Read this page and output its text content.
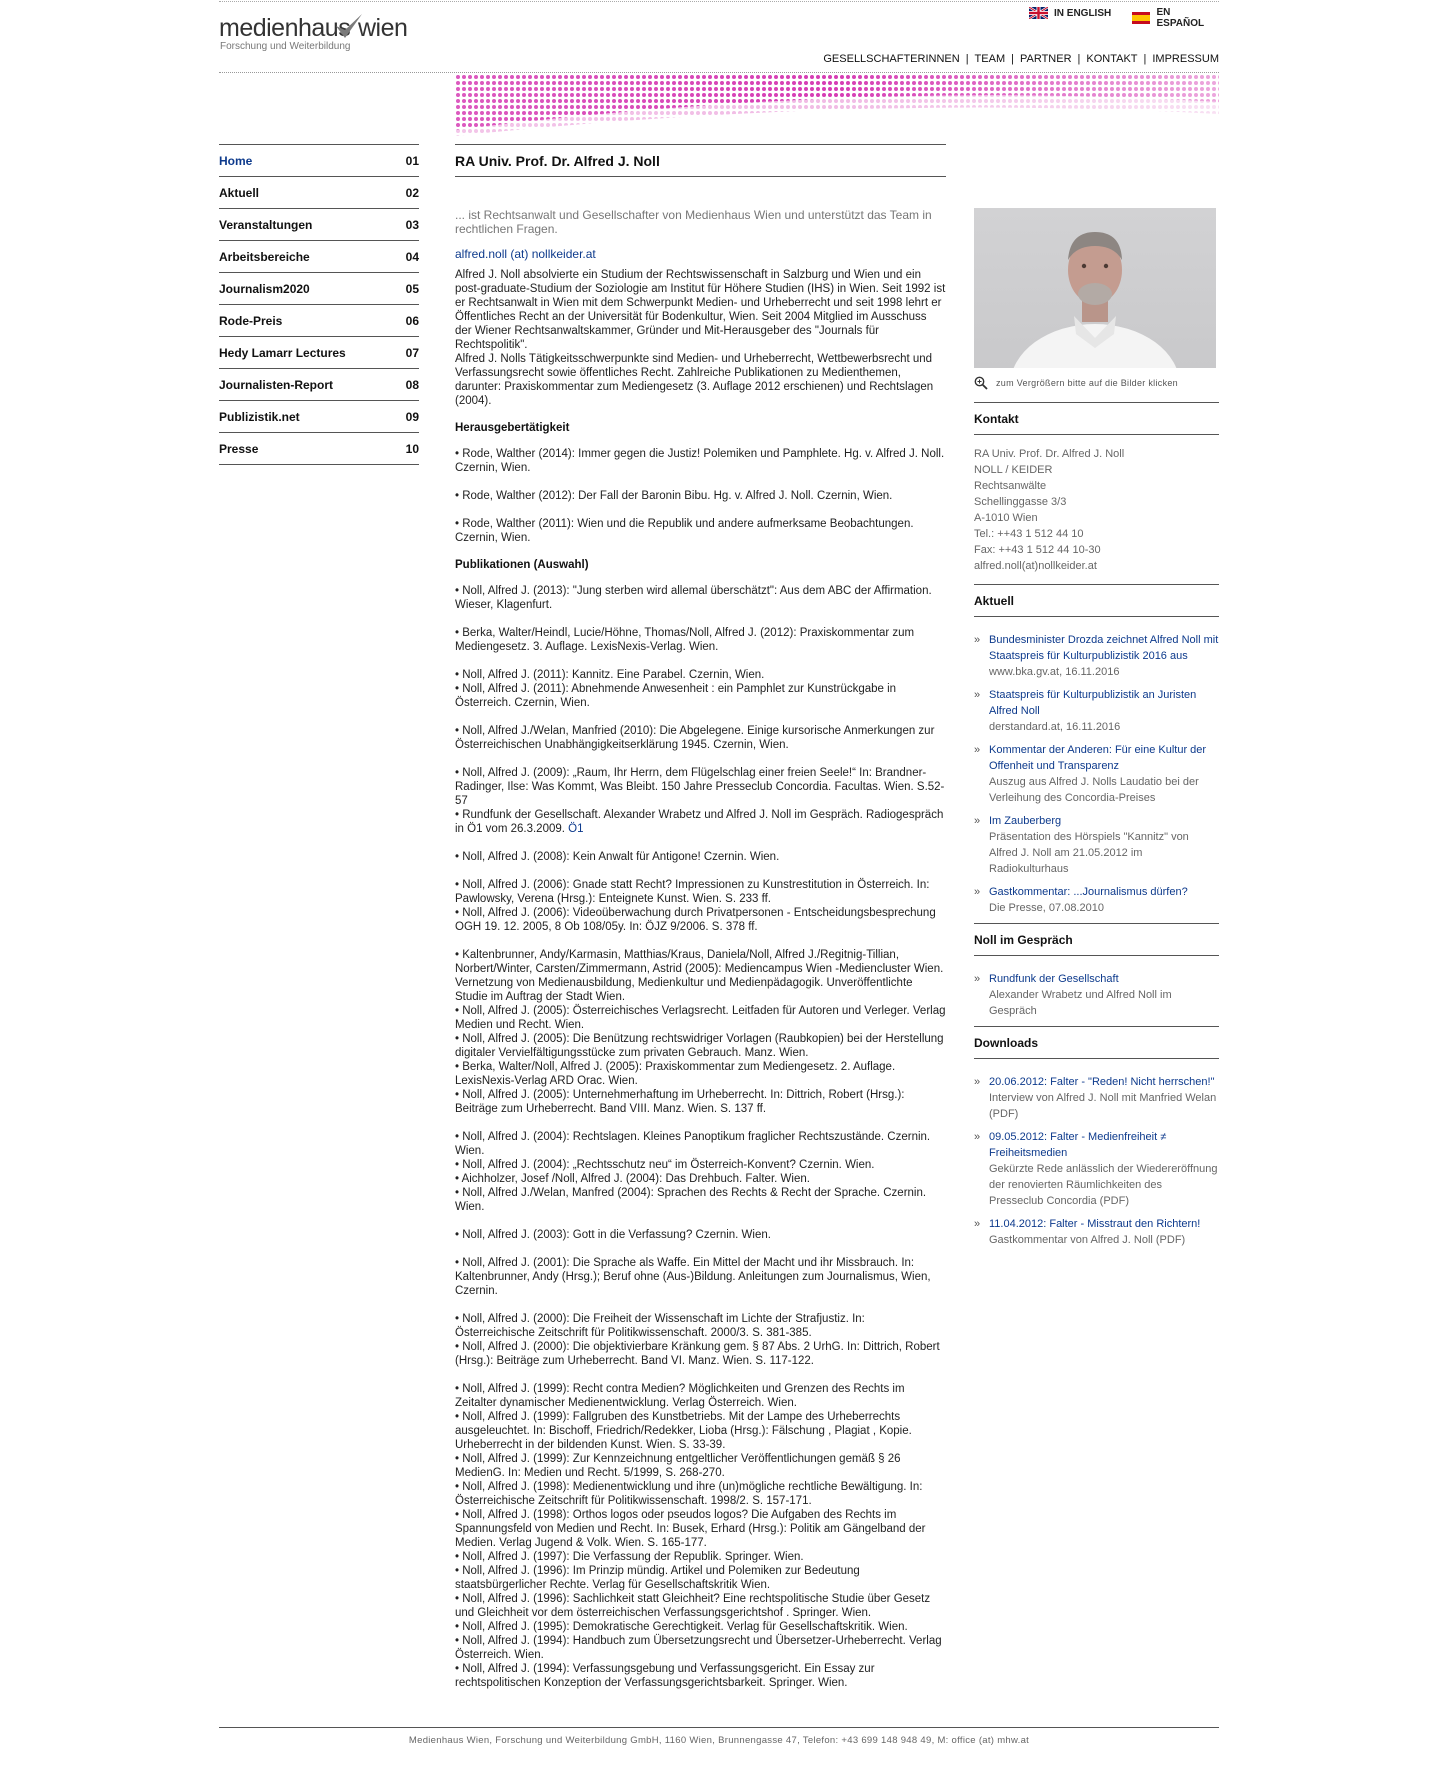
medienhaus wien
Forschung und Weiterbildung
IN ENGLISH	EN ESPAÑOL
GESELLSCHAFTERINNEN | TEAM | PARTNER | KONTAKT | IMPRESSUM
Home	01
Aktuell	02
Veranstaltungen	03
Arbeitsbereiche	04
Journalism2020	05
Rode-Preis	06
Hedy Lamarr Lectures	07
Journalisten-Report	08
Publizistik.net	09
Presse	10
RA Univ. Prof. Dr. Alfred J. Noll
... ist Rechtsanwalt und Gesellschafter von Medienhaus Wien und unterstützt das Team in rechtlichen Fragen.
alfred.noll (at) nollkeider.at
Alfred J. Noll absolvierte ein Studium der Rechtswissenschaft in Salzburg und Wien und ein post-graduate-Studium der Soziologie am Institut für Höhere Studien (IHS) in Wien. Seit 1992 ist er Rechtsanwalt in Wien mit dem Schwerpunkt Medien- und Urheberrecht und seit 1998 lehrt er Öffentliches Recht an der Universität für Bodenkultur, Wien. Seit 2004 Mitglied im Ausschuss der Wiener Rechtsanwaltskammer, Gründer und Mit-Herausgeber des "Journals für Rechtspolitik".
Alfred J. Nolls Tätigkeitsschwerpunkte sind Medien- und Urheberrecht, Wettbewerbsrecht und Verfassungsrecht sowie öffentliches Recht. Zahlreiche Publikationen zu Medienthemen, darunter: Praxiskommentar zum Mediengesetz (3. Auflage 2012 erschienen) und Rechtslagen (2004).
Herausgebertätigkeit
• Rode, Walther (2014): Immer gegen die Justiz! Polemiken und Pamphlete. Hg. v. Alfred J. Noll. Czernin, Wien.
• Rode, Walther (2012): Der Fall der Baronin Bibu. Hg. v. Alfred J. Noll. Czernin, Wien.
• Rode, Walther (2011): Wien und die Republik und andere aufmerksame Beobachtungen. Czernin, Wien.
Publikationen (Auswahl)
• Noll, Alfred J. (2013): "Jung sterben wird allemal überschätzt": Aus dem ABC der Affirmation. Wieser, Klagenfurt.
• Berka, Walter/Heindl, Lucie/Höhne, Thomas/Noll, Alfred J. (2012): Praxiskommentar zum Mediengesetz. 3. Auflage. LexisNexis-Verlag. Wien.
• Noll, Alfred J. (2011): Kannitz. Eine Parabel. Czernin, Wien.
• Noll, Alfred J. (2011): Abnehmende Anwesenheit : ein Pamphlet zur Kunstrückgabe in Österreich. Czernin, Wien.
• Noll, Alfred J./Welan, Manfried (2010): Die Abgelegene. Einige kursorische Anmerkungen zur Österreichischen Unabhängigkeitserklärung 1945. Czernin, Wien.
• Noll, Alfred J. (2009): „Raum, Ihr Herrn, dem Flügelschlag einer freien Seele!“ In: Brandner-Radinger, Ilse: Was Kommt, Was Bleibt. 150 Jahre Presseclub Concordia. Facultas. Wien. S.52-57
• Rundfunk der Gesellschaft. Alexander Wrabetz und Alfred J. Noll im Gespräch. Radiogespräch in Ö1 vom 26.3.2009. Ö1
• Noll, Alfred J. (2008): Kein Anwalt für Antigone! Czernin. Wien.
• Noll, Alfred J. (2006): Gnade statt Recht? Impressionen zu Kunstrestitution in Österreich. In: Pawlowsky, Verena (Hrsg.): Enteignete Kunst. Wien. S. 233 ff.
• Noll, Alfred J. (2006): Videoüberwachung durch Privatpersonen - Entscheidungsbesprechung OGH 19. 12. 2005, 8 Ob 108/05y. In: ÖJZ 9/2006. S. 378 ff.
• Kaltenbrunner, Andy/Karmasin, Matthias/Kraus, Daniela/Noll, Alfred J./Regitnig-Tillian, Norbert/Winter, Carsten/Zimmermann, Astrid (2005): Mediencampus Wien -Mediencluster Wien. Vernetzung von Medienausbildung, Medienkultur und Medienpädagogik. Unveröffentlichte Studie im Auftrag der Stadt Wien.
• Noll, Alfred J. (2005): Österreichisches Verlagsrecht. Leitfaden für Autoren und Verleger. Verlag Medien und Recht. Wien.
• Noll, Alfred J. (2005): Die Benützung rechtswidriger Vorlagen (Raubkopien) bei der Herstellung digitaler Vervielfältigungsstücke zum privaten Gebrauch. Manz. Wien.
• Berka, Walter/Noll, Alfred J. (2005): Praxiskommentar zum Mediengesetz. 2. Auflage. LexisNexis-Verlag ARD Orac. Wien.
• Noll, Alfred J. (2005): Unternehmerhaftung im Urheberrecht. In: Dittrich, Robert (Hrsg.): Beiträge zum Urheberrecht. Band VIII. Manz. Wien. S. 137 ff.
• Noll, Alfred J. (2004): Rechtslagen. Kleines Panoptikum fraglicher Rechtszustände. Czernin. Wien.
• Noll, Alfred J. (2004): „Rechtsschutz neu“ im Österreich-Konvent? Czernin. Wien.
• Aichholzer, Josef /Noll, Alfred J. (2004): Das Drehbuch. Falter. Wien.
• Noll, Alfred J./Welan, Manfred (2004): Sprachen des Rechts & Recht der Sprache. Czernin. Wien.
• Noll, Alfred J. (2003): Gott in die Verfassung? Czernin. Wien.
• Noll, Alfred J. (2001): Die Sprache als Waffe. Ein Mittel der Macht und ihr Missbrauch. In: Kaltenbrunner, Andy (Hrsg.); Beruf ohne (Aus-)Bildung. Anleitungen zum Journalismus, Wien, Czernin.
• Noll, Alfred J. (2000): Die Freiheit der Wissenschaft im Lichte der Strafjustiz. In: Österreichische Zeitschrift für Politikwissenschaft. 2000/3. S. 381-385.
• Noll, Alfred J. (2000): Die objektivierbare Kränkung gem. § 87 Abs. 2 UrhG. In: Dittrich, Robert (Hrsg.): Beiträge zum Urheberrecht. Band VI. Manz. Wien. S. 117-122.
• Noll, Alfred J. (1999): Recht contra Medien? Möglichkeiten und Grenzen des Rechts im Zeitalter dynamischer Medienentwicklung. Verlag Österreich. Wien.
• Noll, Alfred J. (1999): Fallgruben des Kunstbetriebs. Mit der Lampe des Urheberrechts ausgeleuchtet. In: Bischoff, Friedrich/Redekker, Lioba (Hrsg.): Fälschung , Plagiat , Kopie. Urheberrecht in der bildenden Kunst. Wien. S. 33-39.
• Noll, Alfred J. (1999): Zur Kennzeichnung entgeltlicher Veröffentlichungen gemäß § 26 MedienG. In: Medien und Recht. 5/1999, S. 268-270.
• Noll, Alfred J. (1998): Medienentwicklung und ihre (un)mögliche rechtliche Bewältigung. In: Österreichische Zeitschrift für Politikwissenschaft. 1998/2. S. 157-171.
• Noll, Alfred J. (1998): Orthos logos oder pseudos logos? Die Aufgaben des Rechts im Spannungsfeld von Medien und Recht. In: Busek, Erhard (Hrsg.): Politik am Gängelband der Medien. Verlag Jugend & Volk. Wien. S. 165-177.
• Noll, Alfred J. (1997): Die Verfassung der Republik. Springer. Wien.
• Noll, Alfred J. (1996): Im Prinzip mündig. Artikel und Polemiken zur Bedeutung staatsbürgerlicher Rechte. Verlag für Gesellschaftskritik Wien.
• Noll, Alfred J. (1996): Sachlichkeit statt Gleichheit? Eine rechtspolitische Studie über Gesetz und Gleichheit vor dem österreichischen Verfassungsgerichtshof . Springer. Wien.
• Noll, Alfred J. (1995): Demokratische Gerechtigkeit. Verlag für Gesellschaftskritik. Wien.
• Noll, Alfred J. (1994): Handbuch zum Übersetzungsrecht und Übersetzer-Urheberrecht. Verlag Österreich. Wien.
• Noll, Alfred J. (1994): Verfassungsgebung und Verfassungsgericht. Ein Essay zur rechtspolitischen Konzeption der Verfassungsgerichtsbarkeit. Springer. Wien.
zum Vergrößern bitte auf die Bilder klicken
Kontakt
RA Univ. Prof. Dr. Alfred J. Noll
NOLL / KEIDER
Rechtsanwälte
Schellinggasse 3/3
A-1010 Wien
Tel.: ++43 1 512 44 10
Fax: ++43 1 512 44 10-30
alfred.noll(at)nollkeider.at
Aktuell
» Bundesminister Drozda zeichnet Alfred Noll mit Staatspreis für Kulturpublizistik 2016 aus
www.bka.gv.at, 16.11.2016
» Staatspreis für Kulturpublizistik an Juristen Alfred Noll
derstandard.at, 16.11.2016
» Kommentar der Anderen: Für eine Kultur der Offenheit und Transparenz
Auszug aus Alfred J. Nolls Laudatio bei der Verleihung des Concordia-Preises
» Im Zauberberg
Präsentation des Hörspiels "Kannitz" von Alfred J. Noll am 21.05.2012 im Radiokulturhaus
» Gastkommentar: ...Journalismus dürfen?
Die Presse, 07.08.2010
Noll im Gespräch
» Rundfunk der Gesellschaft
Alexander Wrabetz und Alfred Noll im Gespräch
Downloads
» 20.06.2012: Falter - "Reden! Nicht herrschen!"
Interview von Alfred J. Noll mit Manfried Welan (PDF)
» 09.05.2012: Falter - Medienfreiheit ≠ Freiheitsmedien
Gekürzte Rede anlässlich der Wiedereröffnung der renovierten Räumlichkeiten des Presseclub Concordia (PDF)
» 11.04.2012: Falter - Misstraut den Richtern!
Gastkommentar von Alfred J. Noll (PDF)
Medienhaus Wien, Forschung und Weiterbildung GmbH, 1160 Wien, Brunnengasse 47, Telefon: +43 699 148 948 49, M: office (at) mhw.at
